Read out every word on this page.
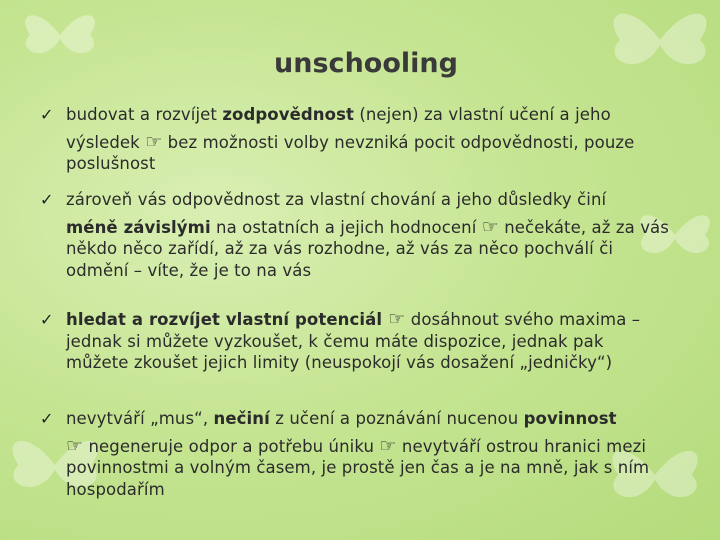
unschooling
✓ budovat a rozvíjet zodpovědnost (nejen) za vlastní učení a jeho
výsledek ☞ bez možnosti volby nevzniká pocit odpovědnosti, pouze poslušnost
✓ zároveň vás odpovědnost za vlastní chování a jeho důsledky činí
méně závislými na ostatních a jejich hodnocení ☞ nečekáte, až za vás někdo něco zařídí, až za vás rozhodne, až vás za něco pochválí či odmění – víte, že je to na vás
✓ hledat a rozvíjet vlastní potenciál ☞ dosáhnout svého maxima – jednak si můžete vyzkoušet, k čemu máte dispozice, jednak pak můžete zkoušet jejich limity (neuspokojí vás dosažení „jedničky“)
✓ nevytváří „mus“, nečiní z učení a poznávání nucenou povinnost
☞ negeneruje odpor a potřebu úniku ☞ nevytváří ostrou hranici mezi povinnostmi a volným časem, je prostě jen čas a je na mně, jak s ním hospodařím
